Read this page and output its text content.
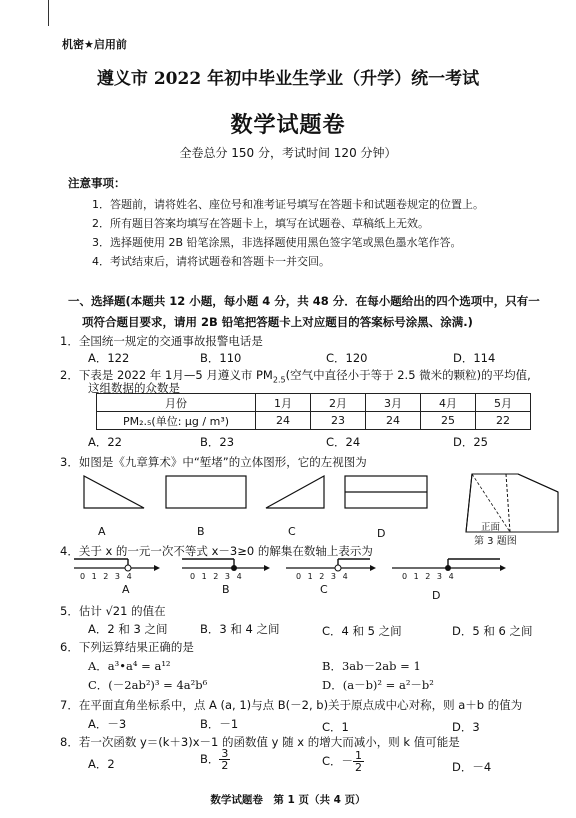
机密★启用前
遵义市 2022 年初中毕业生学业（升学）统一考试
数学试题卷
全卷总分 150 分，考试时间 120 分钟）
注意事项：
1．答题前，请将姓名、座位号和准考证号填写在答题卡和试题卷规定的位置上。
2．所有题目答案均填写在答题卡上，填写在试题卷、草稿纸上无效。
3．选择题使用 2B 铅笔涂黑，非选择题使用黑色签字笔或黑色墨水笔作答。
4．考试结束后，请将试题卷和答题卡一并交回。
一、选择题(本题共 12 小题，每小题 4 分，共 48 分．在每小题给出的四个选项中，只有一
项符合题目要求，请用 2B 铅笔把答题卡上对应题目的答案标号涂黑、涂满.)
1．全国统一规定的交通事故报警电话是
A．122	B．110	C．120	D．114
2．下表是 2022 年 1月—5 月遵义市 $PM_{2.5}$(空气中直径小于等于 2.5 微米的颗粒)的平均值,
这组数据的众数是
月份	1月	2月	3月	4月	5月
PM₂.₅(单位: μg / m³)	24	23	24	25	22
A．22	B．23	C．24	D．25
3．如图是《九章算术》中“堑堵”的立体图形，它的左视图为
A	B	C	D	正面
第 3 题图
4．关于 x 的一元一次不等式 x－3≥0 的解集在数轴上表示为
0 1 2 3 4	0 1 2 3 4	0 1 2 3 4	0 1 2 3 4
A	B	C	D
5．估计 √21 的值在
A．2 和 3 之间	B．3 和 4 之间	C．4 和 5 之间	D．5 和 6 之间
6．下列运算结果正确的是
A．a³•a⁴ = a¹²	B．3ab－2ab = 1
C．(－2ab²)³ = 4a²b⁶	D．(a－b)² = a²－b²
7．在平面直角坐标系中，点 A (a, 1)与点 B(－2, b)关于原点成中心对称，则 a＋b 的值为
A．－3	B．－1	C．1	D．3
8．若一次函数 y＝(k＋3)x－1 的函数值 y 随 x 的增大而减小，则 k 值可能是
A．2	B． $\frac{3}{2}$	C．－ $\frac{1}{2}$	D．－4
数学试题卷　第 1 页（共 4 页）
